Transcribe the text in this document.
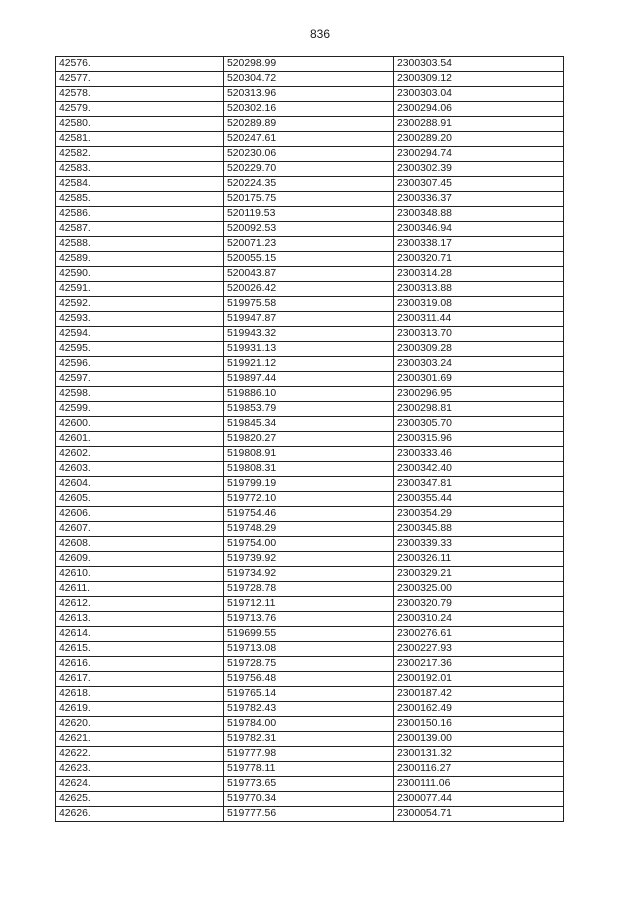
836
42576.	520298.99	2300303.54
42577.	520304.72	2300309.12
42578.	520313.96	2300303.04
42579.	520302.16	2300294.06
42580.	520289.89	2300288.91
42581.	520247.61	2300289.20
42582.	520230.06	2300294.74
42583.	520229.70	2300302.39
42584.	520224.35	2300307.45
42585.	520175.75	2300336.37
42586.	520119.53	2300348.88
42587.	520092.53	2300346.94
42588.	520071.23	2300338.17
42589.	520055.15	2300320.71
42590.	520043.87	2300314.28
42591.	520026.42	2300313.88
42592.	519975.58	2300319.08
42593.	519947.87	2300311.44
42594.	519943.32	2300313.70
42595.	519931.13	2300309.28
42596.	519921.12	2300303.24
42597.	519897.44	2300301.69
42598.	519886.10	2300296.95
42599.	519853.79	2300298.81
42600.	519845.34	2300305.70
42601.	519820.27	2300315.96
42602.	519808.91	2300333.46
42603.	519808.31	2300342.40
42604.	519799.19	2300347.81
42605.	519772.10	2300355.44
42606.	519754.46	2300354.29
42607.	519748.29	2300345.88
42608.	519754.00	2300339.33
42609.	519739.92	2300326.11
42610.	519734.92	2300329.21
42611.	519728.78	2300325.00
42612.	519712.11	2300320.79
42613.	519713.76	2300310.24
42614.	519699.55	2300276.61
42615.	519713.08	2300227.93
42616.	519728.75	2300217.36
42617.	519756.48	2300192.01
42618.	519765.14	2300187.42
42619.	519782.43	2300162.49
42620.	519784.00	2300150.16
42621.	519782.31	2300139.00
42622.	519777.98	2300131.32
42623.	519778.11	2300116.27
42624.	519773.65	2300111.06
42625.	519770.34	2300077.44
42626.	519777.56	2300054.71
